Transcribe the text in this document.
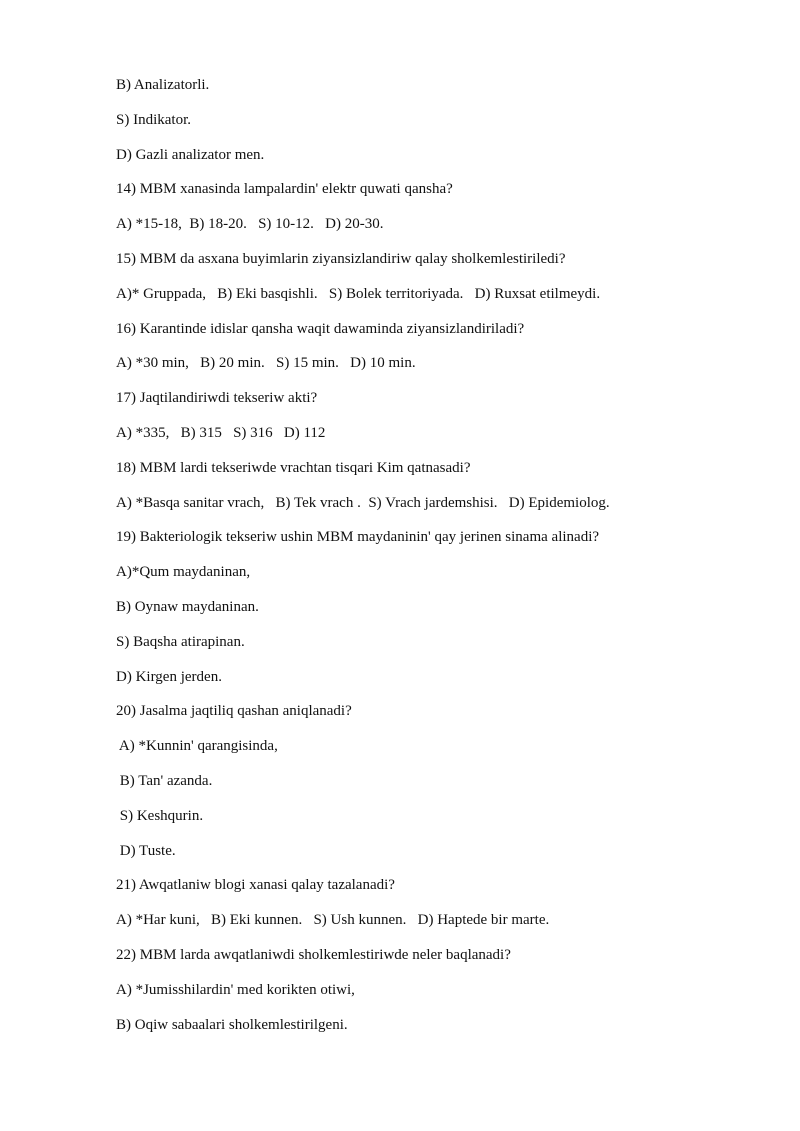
B) Analizatorli.
S) Indikator.
D) Gazli analizator men.
14) MBM xanasinda lampalardin' elektr quwati qansha?
A) *15-18,  B) 18-20.   S) 10-12.   D) 20-30.
15) MBM da asxana buyimlarin ziyansizlandiriw qalay sholkemlestiriledi?
A)* Gruppada,   B) Eki basqishli.   S) Bolek territoriyada.   D) Ruxsat etilmeydi.
16) Karantinde idislar qansha waqit dawaminda ziyansizlandiriladi?
A) *30 min,   B) 20 min.   S) 15 min.   D) 10 min.
17) Jaqtilandiriwdi tekseriw akti?
A) *335,   B) 315   S) 316   D) 112
18) MBM lardi tekseriwde vrachtan tisqari Kim qatnasadi?
A) *Basqa sanitar vrach,   B) Tek vrach .  S) Vrach jardemshisi.   D) Epidemiolog.
19) Bakteriologik tekseriw ushin MBM maydaninin' qay jerinen sinama alinadi?
A)*Qum maydaninan,
B) Oynaw maydaninan.
S) Baqsha atirapinan.
D) Kirgen jerden.
20) Jasalma jaqtiliq qashan aniqlanadi?
A) *Kunnin' qarangisinda,
B) Tan' azanda.
S) Keshqurin.
D) Tuste.
21) Awqatlaniw blogi xanasi qalay tazalanadi?
A) *Har kuni,   B) Eki kunnen.   S) Ush kunnen.   D) Haptede bir marte.
22) MBM larda awqatlaniwdi sholkemlestiriwde neler baqlanadi?
A) *Jumisshilardin' med korikten otiwi,
B) Oqiw sabaalari sholkemlestirilgeni.
